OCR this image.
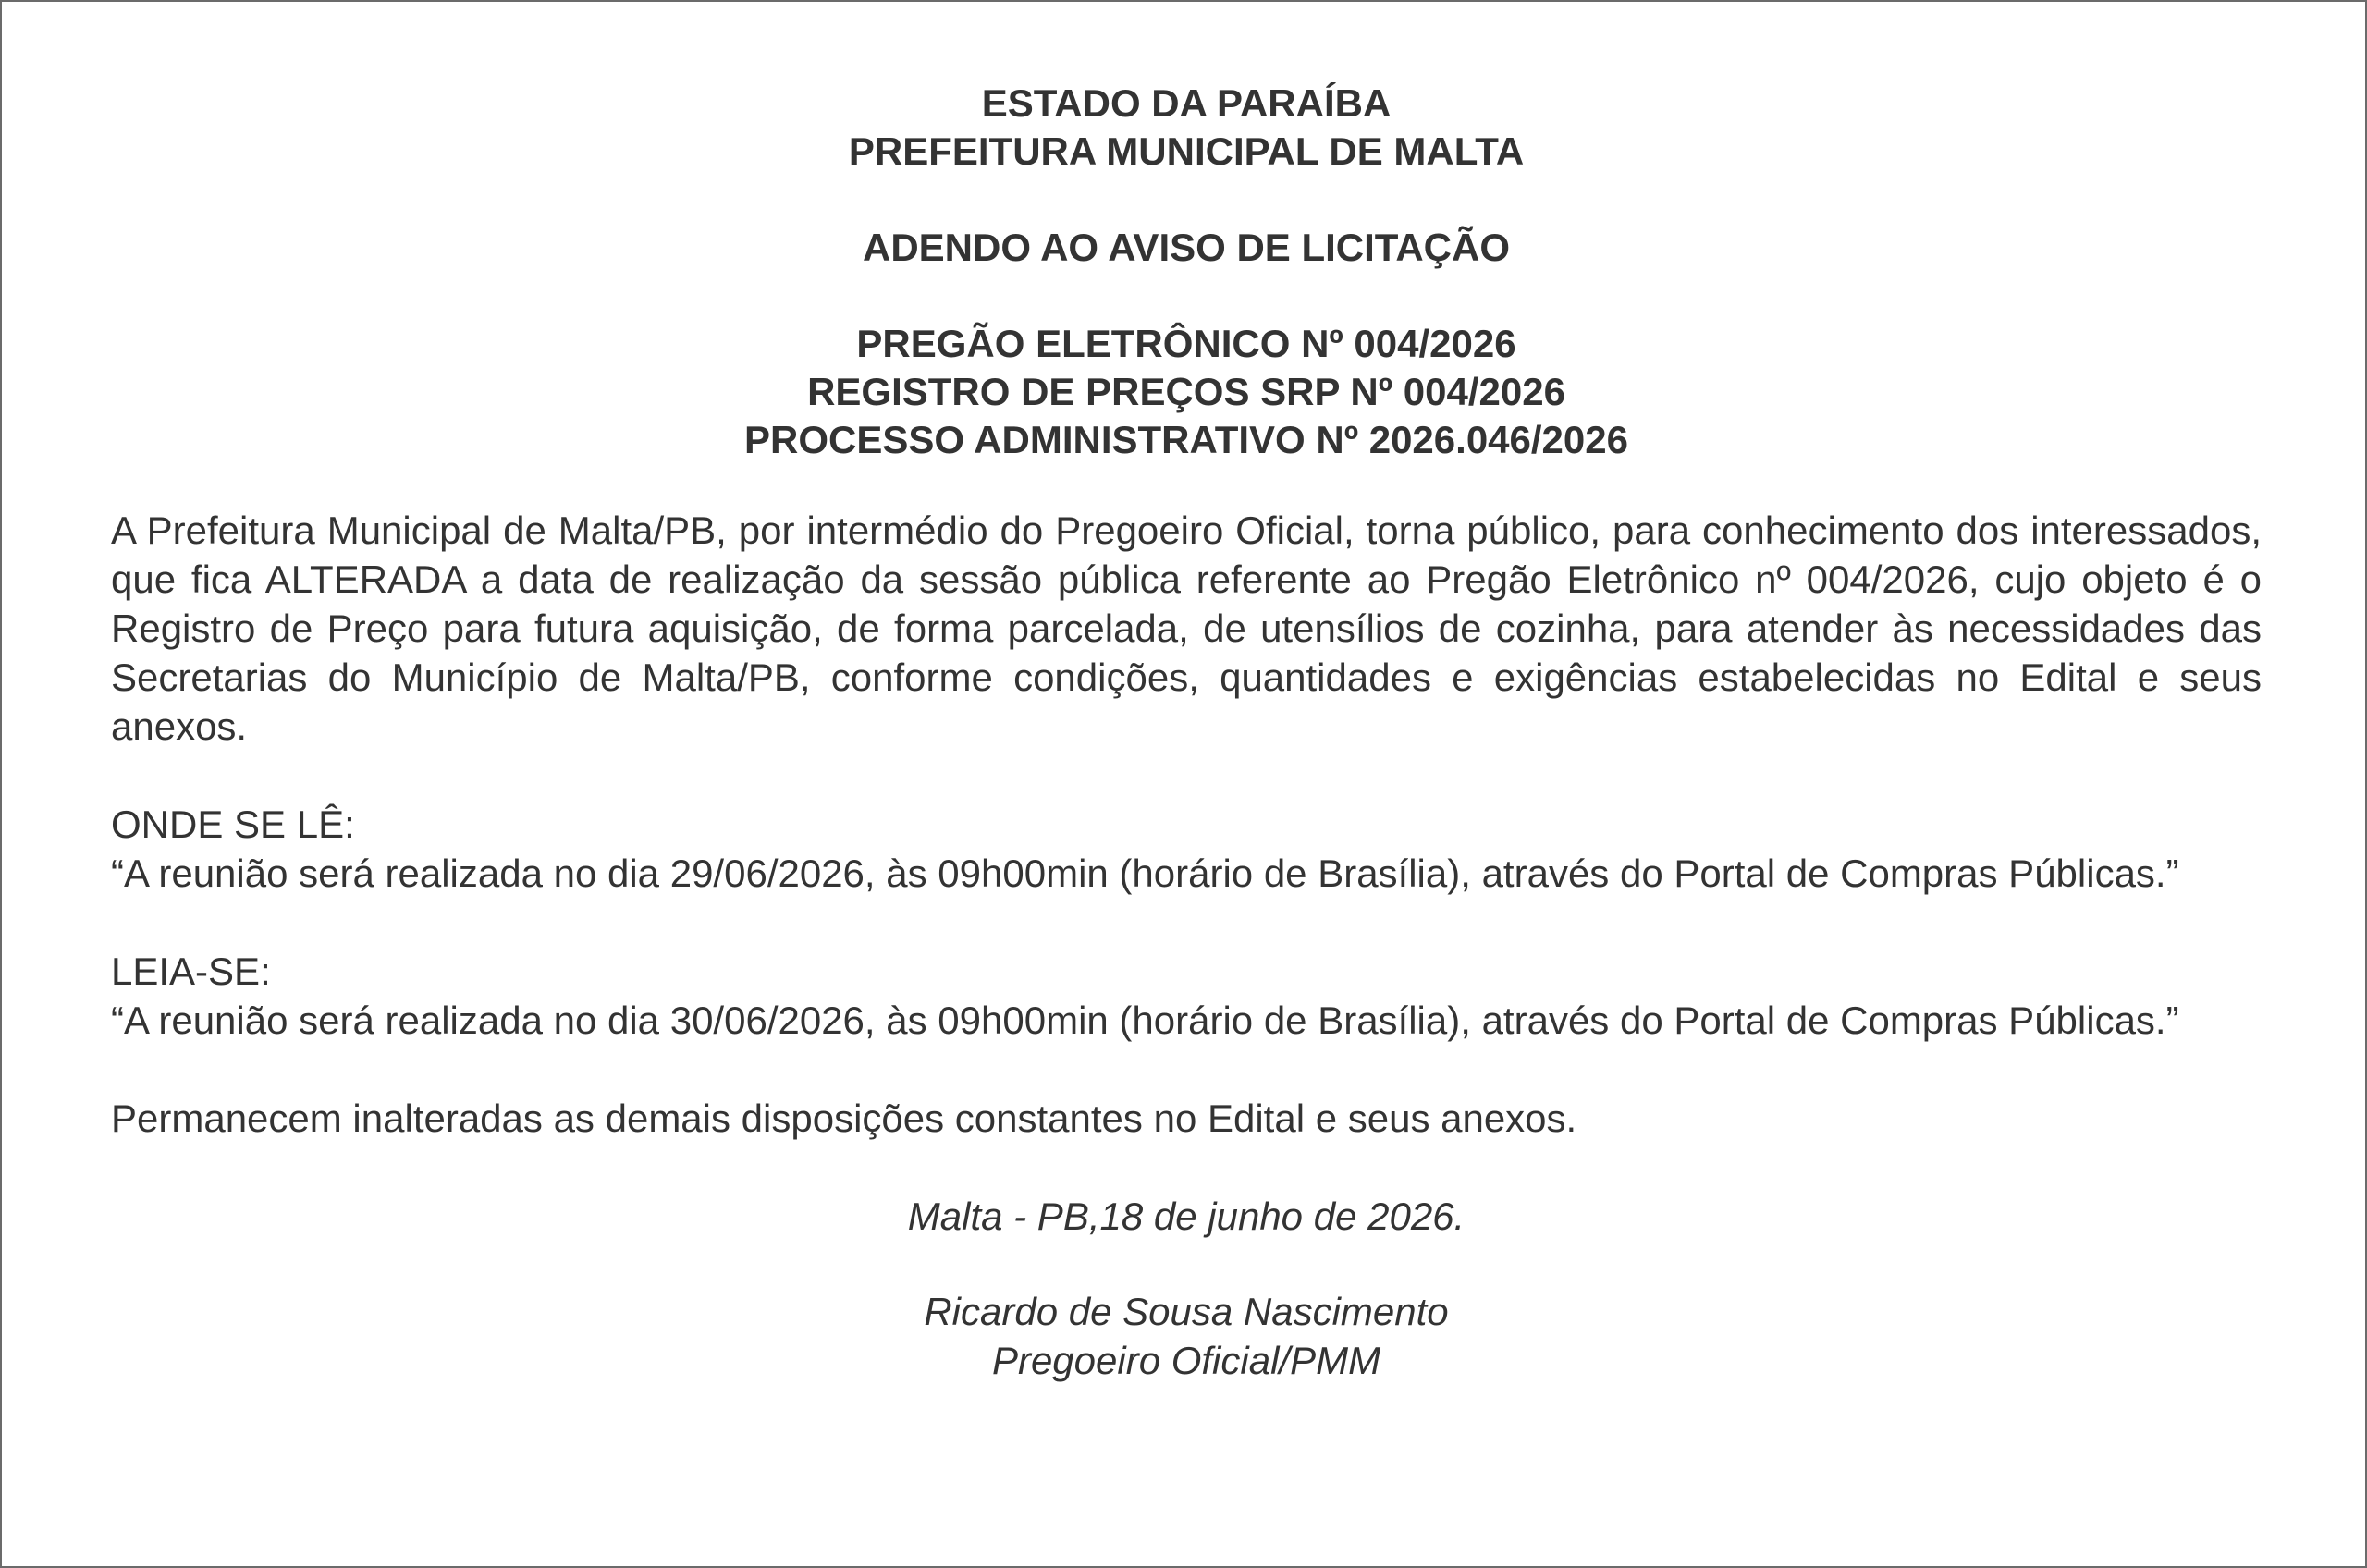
ESTADO DA PARAÍBA
PREFEITURA MUNICIPAL DE MALTA
ADENDO AO AVISO DE LICITAÇÃO
PREGÃO ELETRÔNICO Nº 004/2026
REGISTRO DE PREÇOS SRP Nº 004/2026
PROCESSO ADMINISTRATIVO Nº 2026.046/2026

A Prefeitura Municipal de Malta/PB, por intermédio do Pregoeiro Oficial, torna público, para conhecimento dos interessados, que fica ALTERADA a data de realização da sessão pública referente ao Pregão Eletrônico nº 004/2026, cujo objeto é o Registro de Preço para futura aquisição, de forma parcelada, de utensílios de cozinha, para atender às necessidades das Secretarias do Município de Malta/PB, conforme condições, quantidades e exigências estabelecidas no Edital e seus anexos.

ONDE SE LÊ:

“A reunião será realizada no dia 29/06/2026, às 09h00min (horário de Brasília), através do Portal de Compras Públicas.”

LEIA-SE:

“A reunião será realizada no dia 30/06/2026, às 09h00min (horário de Brasília), através do Portal de Compras Públicas.”

Permanecem inalteradas as demais disposições constantes no Edital e seus anexos.

Malta - PB,18 de junho de 2026.
Ricardo de Sousa Nascimento
Pregoeiro Oficial/PMM
